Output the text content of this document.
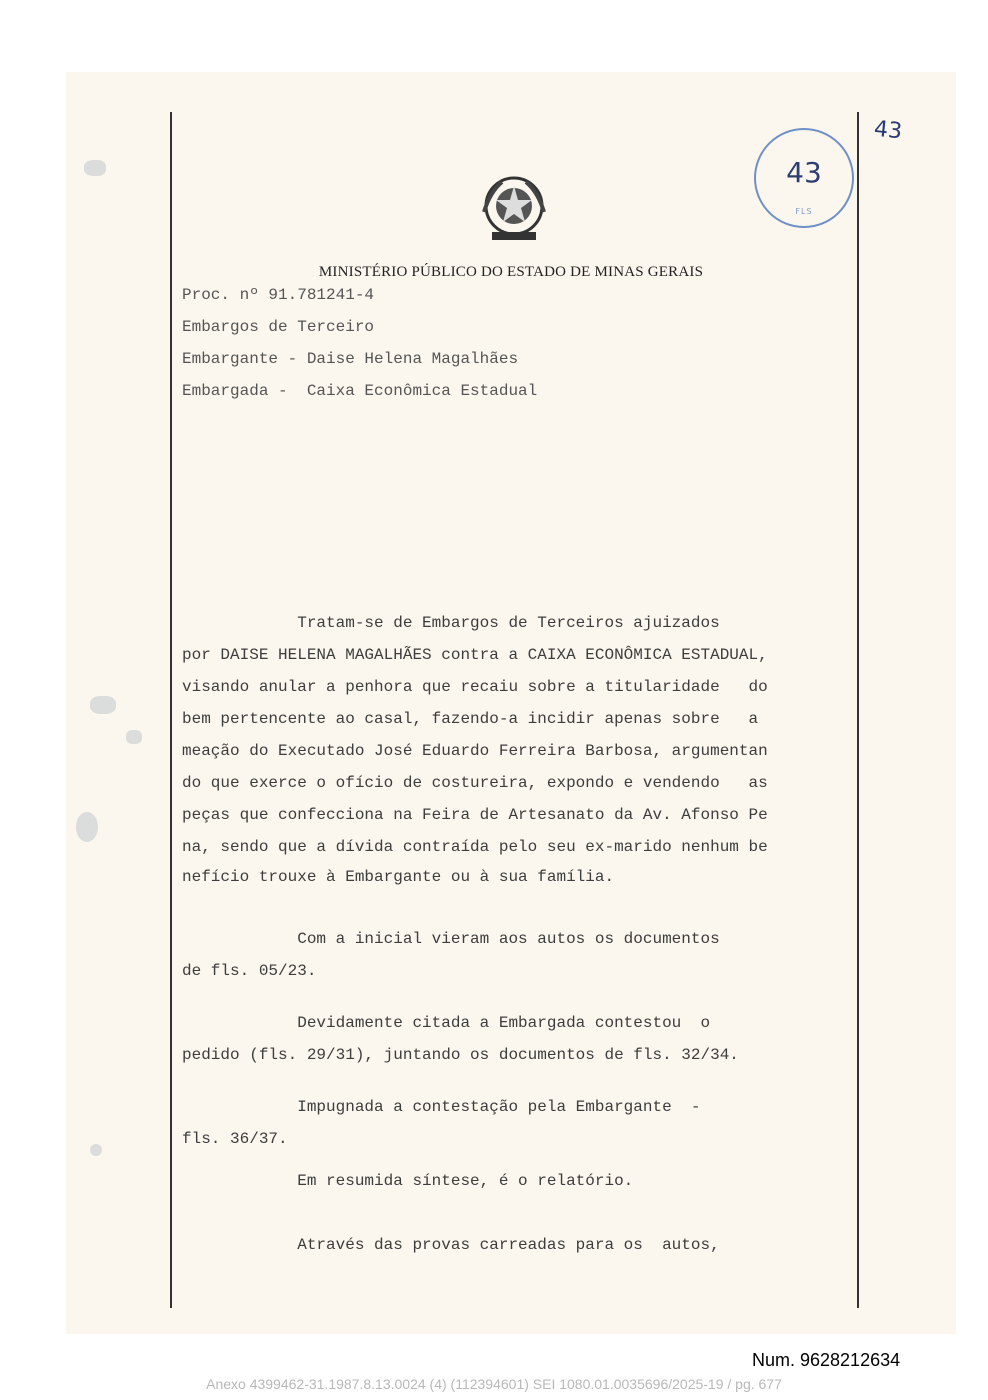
MINISTÉRIO PÚBLICO DO ESTADO DE MINAS GERAIS
Proc. nº 91.781241-4
Embargos de Terceiro
Embargante - Daise Helena Magalhães
Embargada -  Caixa Econômica Estadual
Tratam-se de Embargos de Terceiros ajuizados
por DAISE HELENA MAGALHÃES contra a CAIXA ECONÔMICA ESTADUAL,
visando anular a penhora que recaiu sobre a titularidade   do
bem pertencente ao casal, fazendo-a incidir apenas sobre   a
meação do Executado José Eduardo Ferreira Barbosa, argumentan
do que exerce o ofício de costureira, expondo e vendendo   as
peças que confecciona na Feira de Artesanato da Av. Afonso Pe
na, sendo que a dívida contraída pelo seu ex-marido nenhum be
nefício trouxe à Embargante ou à sua família.
Com a inicial vieram aos autos os documentos
de fls. 05/23.
Devidamente citada a Embargada contestou  o
pedido (fls. 29/31), juntando os documentos de fls. 32/34.
Impugnada a contestação pela Embargante  -
fls. 36/37.
Em resumida síntese, é o relatório.
Através das provas carreadas para os  autos,
43
FLS
43
Num. 9628212634
Anexo 4399462-31.1987.8.13.0024 (4) (112394601) SEI 1080.01.0035696/2025-19 / pg. 677
